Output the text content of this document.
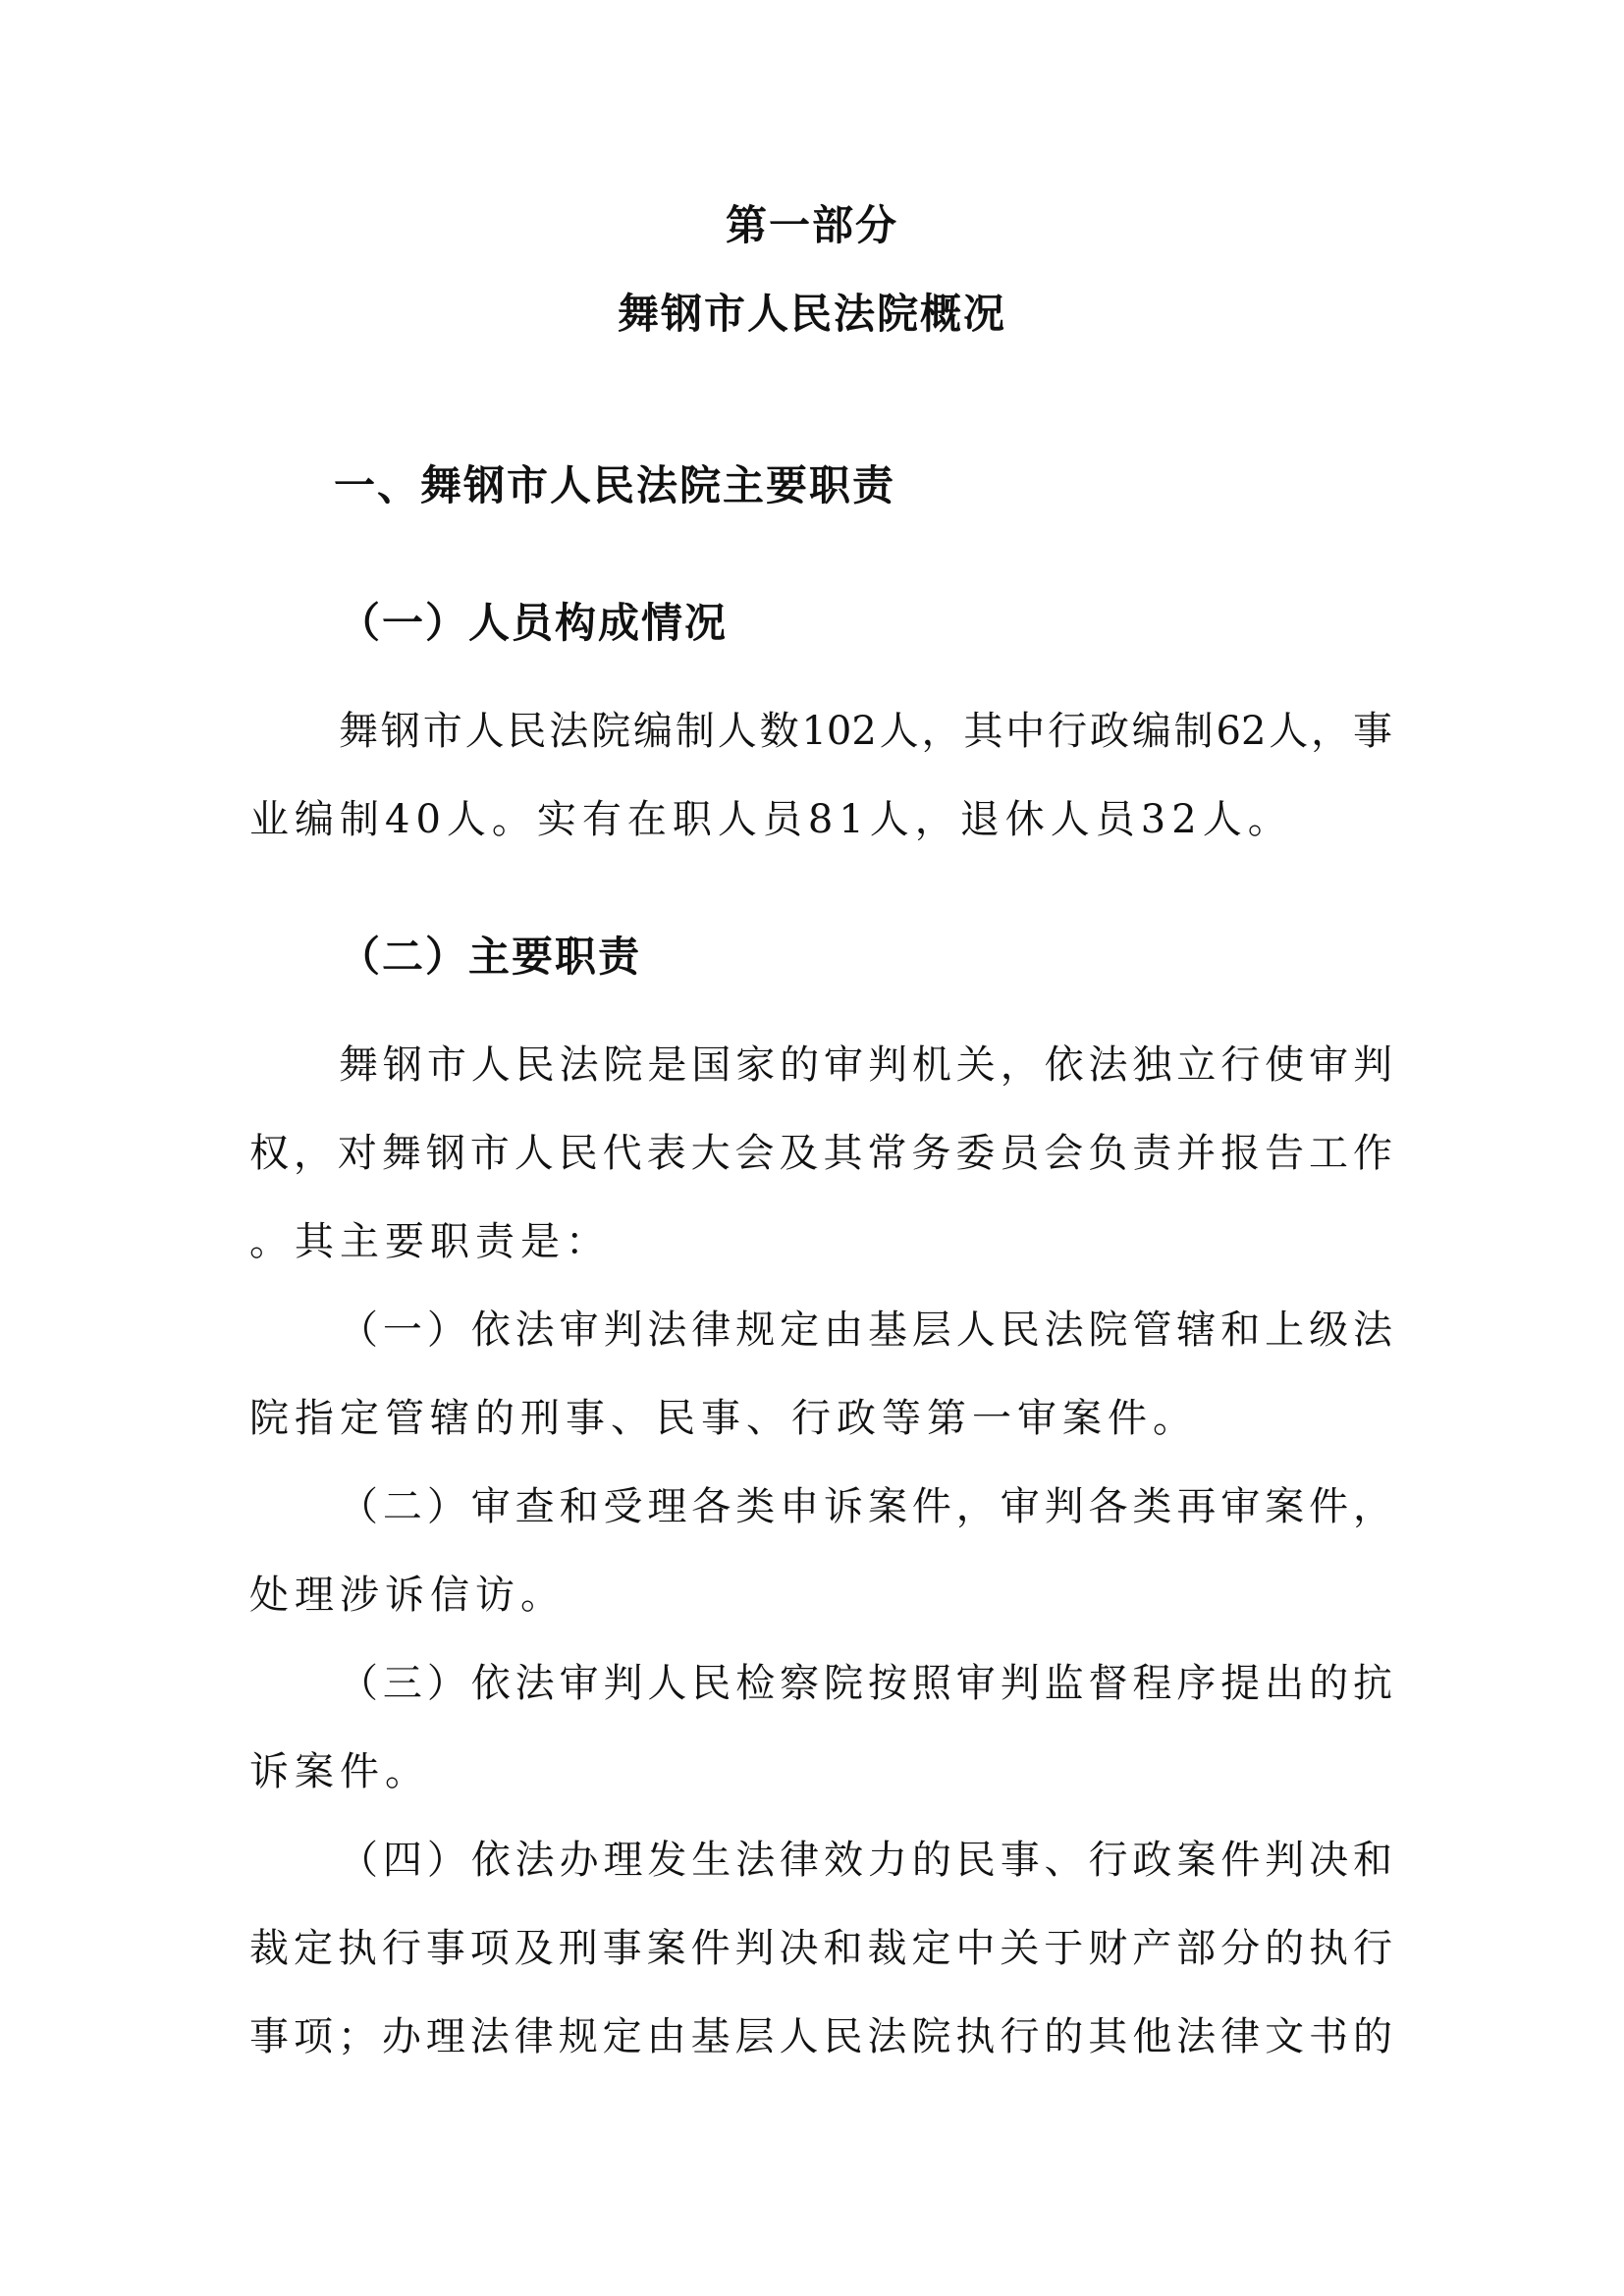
第一部分
舞钢市人民法院概况
一、舞钢市人民法院主要职责
（一）人员构成情况
舞钢市人民法院编制人数102人，其中行政编制62人，事
业编制40人。实有在职人员81人，退休人员32人。
（二）主要职责
舞钢市人民法院是国家的审判机关，依法独立行使审判
权，对舞钢市人民代表大会及其常务委员会负责并报告工作
。其主要职责是：
（一）依法审判法律规定由基层人民法院管辖和上级法
院指定管辖的刑事、民事、行政等第一审案件。
（二）审查和受理各类申诉案件，审判各类再审案件，
处理涉诉信访。
（三）依法审判人民检察院按照审判监督程序提出的抗
诉案件。
（四）依法办理发生法律效力的民事、行政案件判决和
裁定执行事项及刑事案件判决和裁定中关于财产部分的执行
事项；办理法律规定由基层人民法院执行的其他法律文书的
